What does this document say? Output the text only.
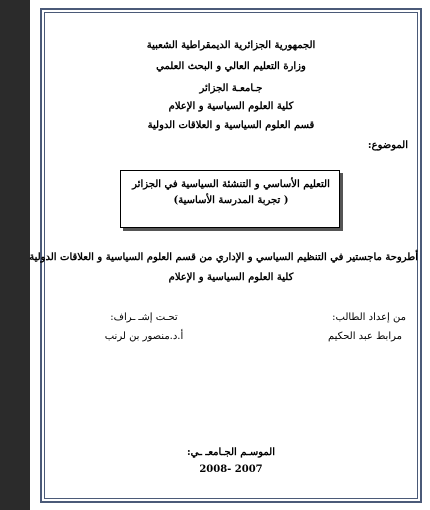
الجمهورية الجزائرية الديمقراطية الشعبية
وزارة التعليم العالي و البحث العلمي
جـامعـة الجزائر
كلية العلوم السياسية و الإعلام
قسم العلوم السياسية و العلاقات الدولية
الموضوع:
التعليم الأساسي و التنشئة السياسية في الجزائر
( تجربة المدرسة الأساسية)
أطروحة ماجستير في التنظيم السياسي و الإداري من قسم العلوم السياسية و العلاقات الدولية
كلية العلوم السياسية و الإعلام
من إعداد الطالب:
تحـت إشـ ـراف:
مرابط عبد الحكيم
أ.د.منصور بن لرنب
الموسـم الجـامعـ ـي:
2008- 2007
